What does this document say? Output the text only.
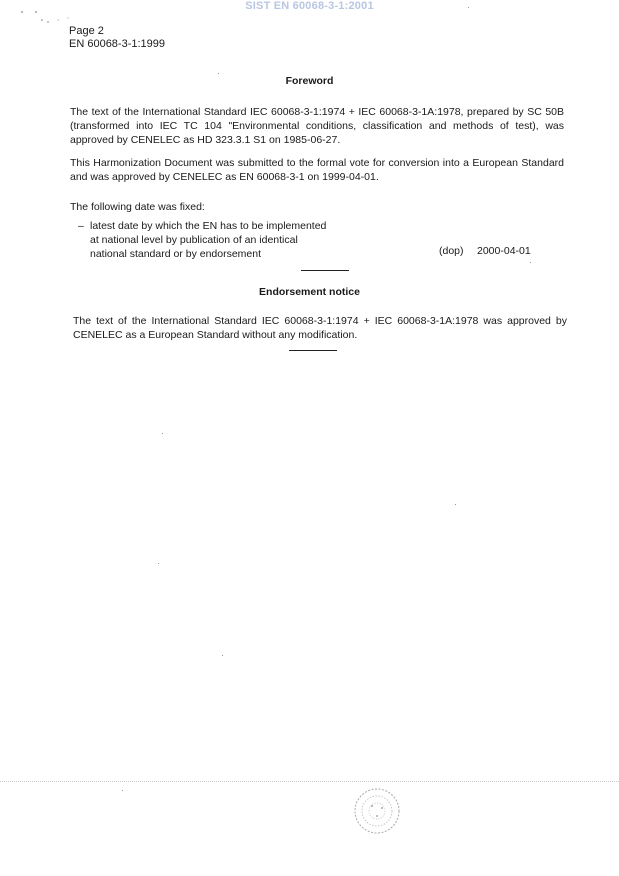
SIST EN 60068-3-1:2001
Page 2
EN 60068-3-1:1999
Foreword
The text of the International Standard IEC 60068-3-1:1974 + IEC 60068-3-1A:1978, prepared by SC 50B (transformed into IEC TC 104 "Environmental conditions, classification and methods of test), was approved by CENELEC as HD 323.3.1 S1 on 1985-06-27.
This Harmonization Document was submitted to the formal vote for conversion into a European Standard and was approved by CENELEC as EN 60068-3-1 on 1999-04-01.
The following date was fixed:
– latest date by which the EN has to be implemented
at national level by publication of an identical
national standard or by endorsement	(dop) 2000-04-01
Endorsement notice
The text of the International Standard IEC 60068-3-1:1974 + IEC 60068-3-1A:1978 was approved by CENELEC as a European Standard without any modification.
